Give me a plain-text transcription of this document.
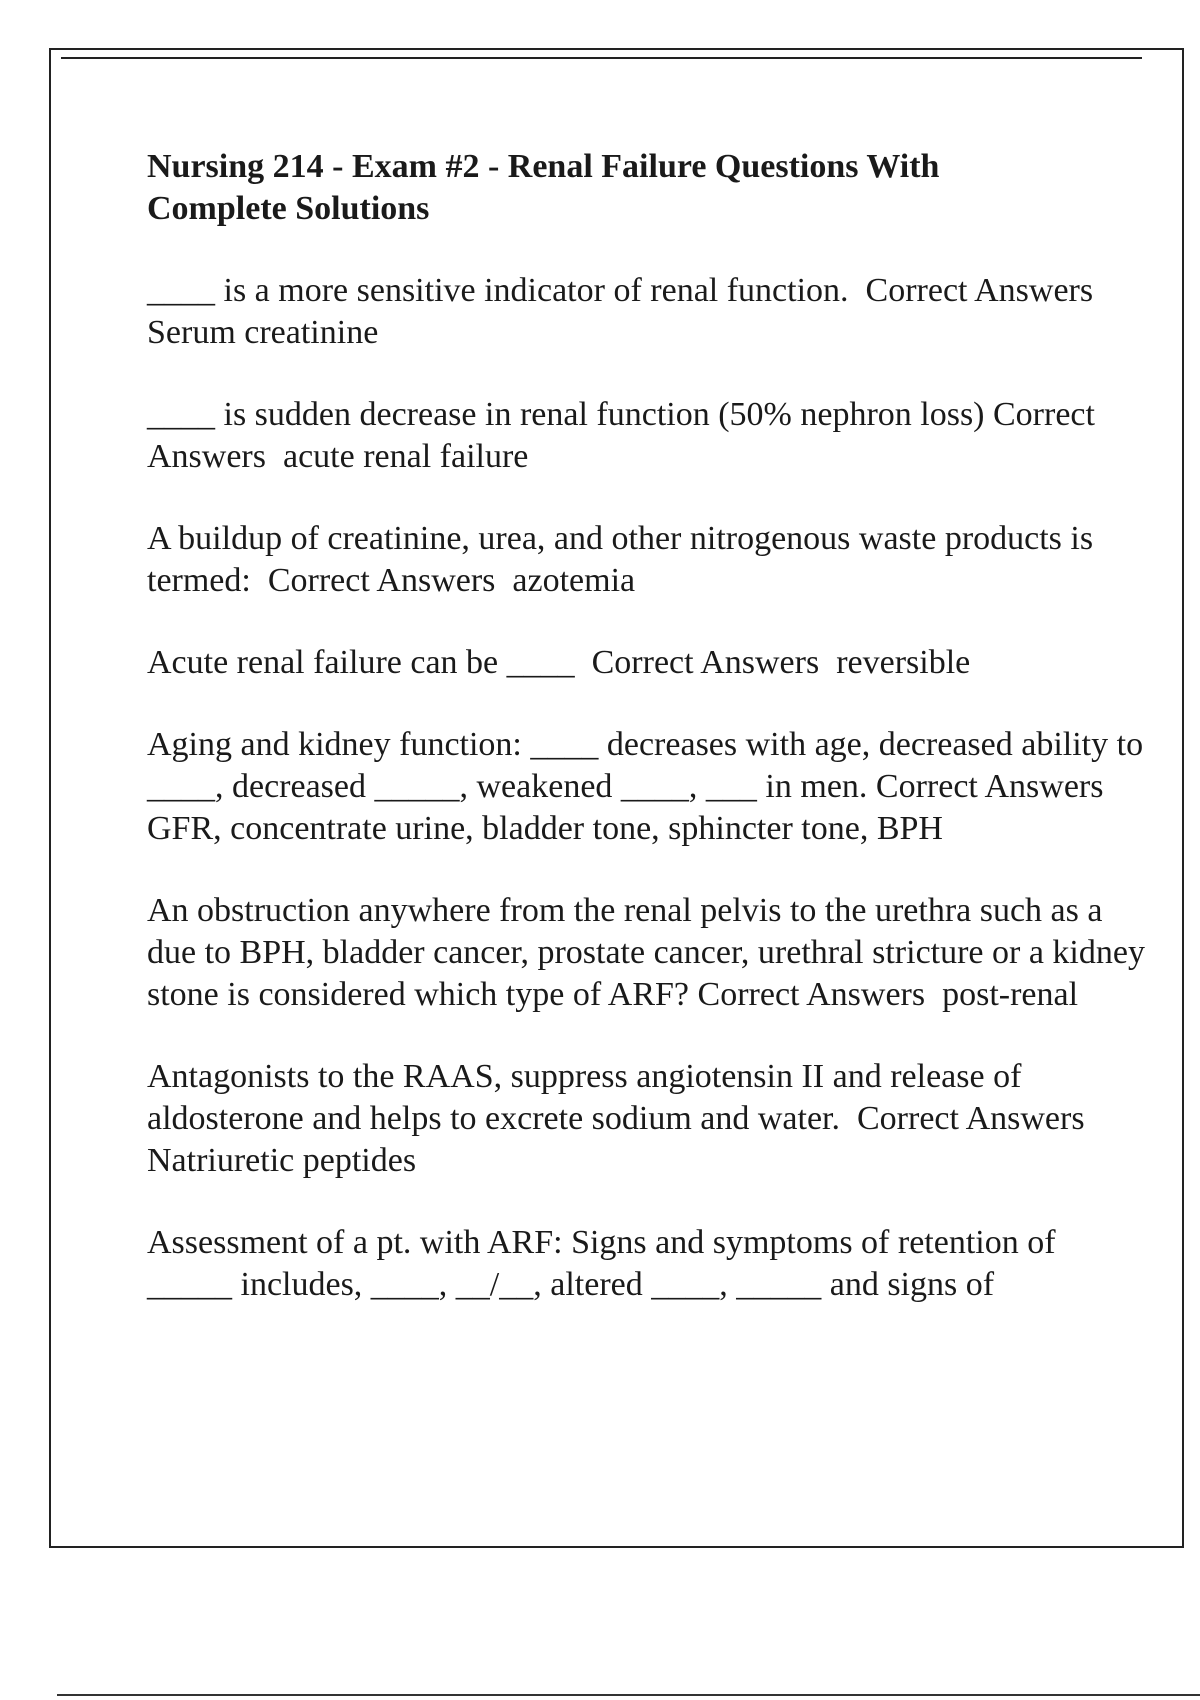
Nursing 214 - Exam #2 - Renal Failure Questions With Complete Solutions

____ is a more sensitive indicator of renal function. Correct Answers  Serum creatinine

____ is sudden decrease in renal function (50% nephron loss) Correct Answers acute renal failure

A buildup of creatinine, urea, and other nitrogenous waste products is termed: Correct Answers azotemia

Acute renal failure can be ____ Correct Answers reversible

Aging and kidney function: ____ decreases with age, decreased ability to ____, decreased _____, weakened ____, ___ in men. Correct Answers  GFR, concentrate urine, bladder tone, sphincter tone, BPH

An obstruction anywhere from the renal pelvis to the urethra such as a due to BPH, bladder cancer, prostate cancer, urethral stricture or a kidney stone is considered which type of ARF? Correct Answers post-renal

Antagonists to the RAAS, suppress angiotensin II and release of aldosterone and helps to excrete sodium and water. Correct Answers  Natriuretic peptides

Assessment of a pt. with ARF: Signs and symptoms of retention of _____ includes, ____, __/__, altered ____, _____ and signs of
